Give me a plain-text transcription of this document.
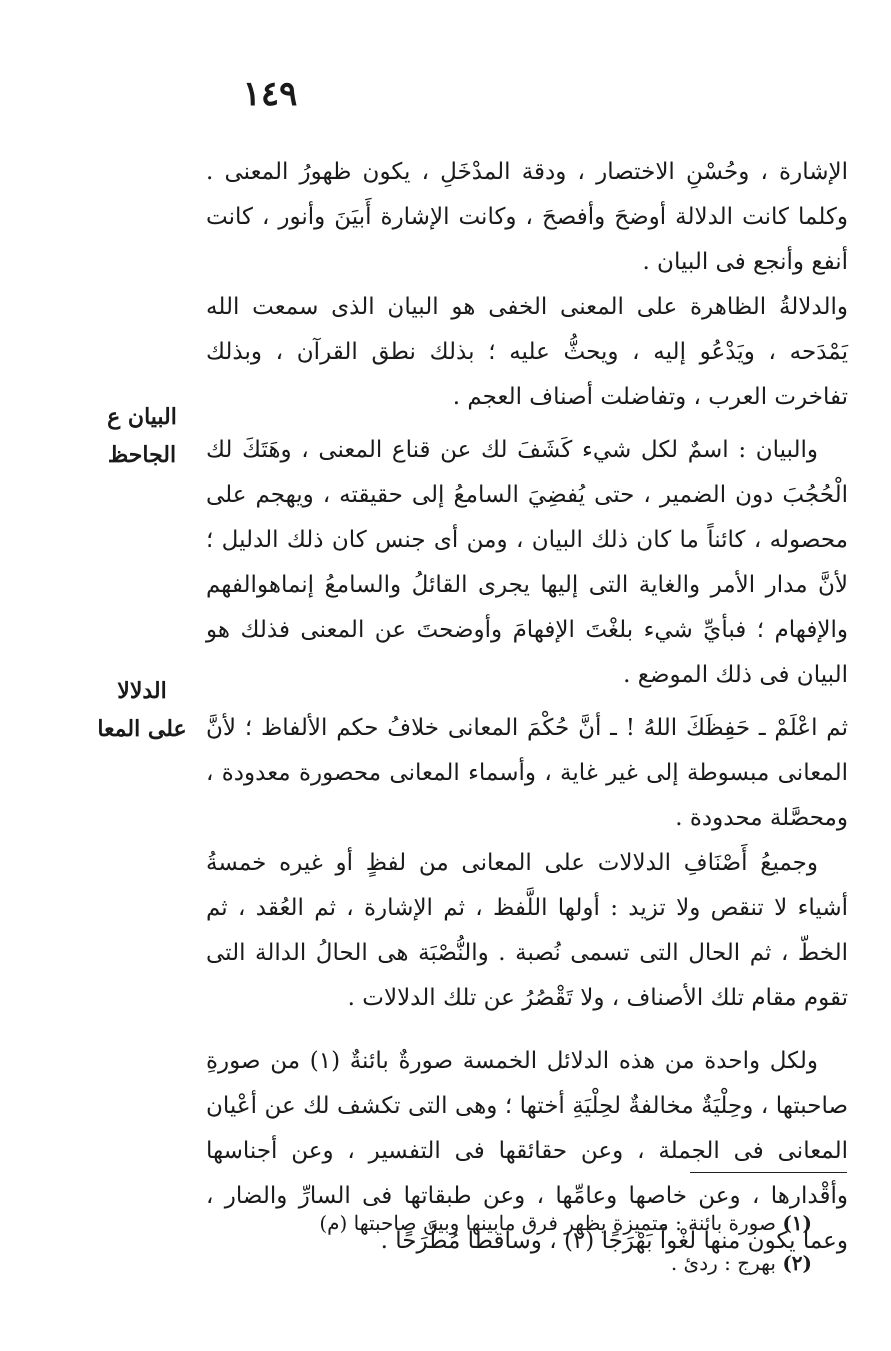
١٤٩
البيان ع
الجاحظ
الدلالا
على المعا

الإشارة ، وحُسْنِ الاختصار ، ودقة المدْخَلِ ، يكون ظهورُ المعنى . وكلما كانت الدلالة أوضحَ وأفصحَ ، وكانت الإشارة أَبيَنَ وأنور ، كانت أنفع وأنجع فى البيان .

والدلالةُ الظاهرة على المعنى الخفى هو البيان الذى سمعت الله يَمْدَحه ، ويَدْعُو إليه ، ويحثُّ عليه ؛ بذلك نطق القرآن ، وبذلك تفاخرت العرب ، وتفاضلت أصناف العجم .

والبيان : اسمٌ لكل شيء كَشَفَ لك عن قناع المعنى ، وهَتَكَ لك الْحُجُبَ دون الضمير ، حتى يُفضِيَ السامعُ إلى حقيقته ، ويهجم على محصوله ، كائناً ما كان ذلك البيان ، ومن أى جنس كان ذلك الدليل ؛ لأنَّ مدار الأمر والغاية التى إليها يجرى القائلُ والسامعُ إنماهوالفهم والإفهام ؛ فبأيِّ شيء بلغْتَ الإفهامَ وأوضحتَ عن المعنى فذلك هو البيان فى ذلك الموضع .

ثم اعْلَمْ ـ حَفِظَكَ اللهُ ! ـ أنَّ حُكْمَ المعانى خلافُ حكم الألفاظ ؛ لأنَّ المعانى مبسوطة إلى غير غاية ، وأسماء المعانى محصورة معدودة ، ومحصَّلة محدودة .

وجميعُ أَصْنَافِ الدلالات على المعانى من لفظٍ أو غيره خمسةُ أشياء لا تنقص ولا تزيد : أولها اللَّفظ ، ثم الإشارة ، ثم العُقد ، ثم الخطّ ، ثم الحال التى تسمى نُصبة . والنُّصْبَة هى الحالُ الدالة التى تقوم مقام تلك الأصناف ، ولا تَقْصُرُ عن تلك الدلالات .

ولكل واحدة من هذه الدلائل الخمسة صورةٌ بائنةٌ (١) من صورةِ صاحبتها ، وحِلْيَةٌ مخالفةٌ لحِلْيَةِ أختها ؛ وهى التى تكشف لك عن أعْيان المعانى فى الجملة ، وعن حقائقها فى التفسير ، وعن أجناسها وأقْدارها ، وعن خاصها وعامِّها ، وعن طبقاتها فى السارِّ والضار ، وعما يكون منها لَغْواً بَهْرَجًا (٢) ، وساقطا مُطَّرَحًا .

(١) صورة بائنة : متميزة يظهر فرق مابينها وبين صاحبتها (م)

(٢) بهرج : ردئ .
